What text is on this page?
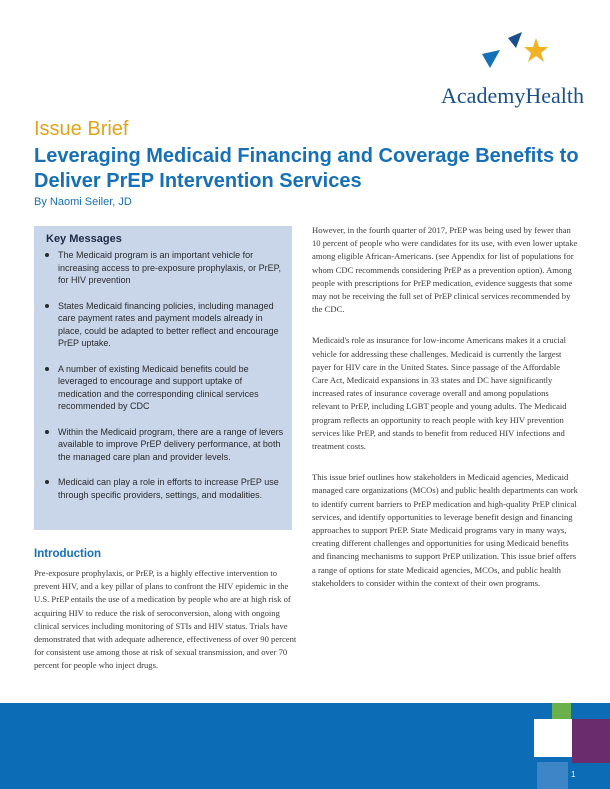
AcademyHealth
Issue Brief
Leveraging Medicaid Financing and Coverage Benefits to Deliver PrEP Intervention Services
By Naomi Seiler, JD
Key Messages
The Medicaid program is an important vehicle for increasing access to pre-exposure prophylaxis, or PrEP, for HIV prevention
States Medicaid financing policies, including managed care payment rates and payment models already in place, could be adapted to better reflect and encourage PrEP uptake.
A number of existing Medicaid benefits could be leveraged to encourage and support uptake of medication and the corresponding clinical services recommended by CDC
Within the Medicaid program, there are a range of levers available to improve PrEP delivery performance, at both the managed care plan and provider levels.
Medicaid can play a role in efforts to increase PrEP use through specific providers, settings, and modalities.
Introduction

Pre-exposure prophylaxis, or PrEP, is a highly effective intervention to prevent HIV, and a key pillar of plans to confront the HIV epidemic in the U.S. PrEP entails the use of a medication by people who are at high risk of acquiring HIV to reduce the risk of seroconversion, along with ongoing clinical services including monitoring of STIs and HIV status. Trials have demonstrated that with adequate adherence, effectiveness of over 90 percent for consistent use among those at risk of sexual transmission, and over 70 percent for people who inject drugs.

However, in the fourth quarter of 2017, PrEP was being used by fewer than 10 percent of people who were candidates for its use, with even lower uptake among eligible African-Americans. (see Appendix for list of populations for whom CDC recommends considering PrEP as a prevention option). Among people with prescriptions for PrEP medication, evidence suggests that some may not be receiving the full set of PrEP clinical services recommended by the CDC.

Medicaid's role as insurance for low-income Americans makes it a crucial vehicle for addressing these challenges. Medicaid is currently the largest payer for HIV care in the United States. Since passage of the Affordable Care Act, Medicaid expansions in 33 states and DC have significantly increased rates of insurance coverage overall and among populations relevant to PrEP, including LGBT people and young adults. The Medicaid program reflects an opportunity to reach people with key HIV prevention services like PrEP, and stands to benefit from reduced HIV infections and treatment costs.

This issue brief outlines how stakeholders in Medicaid agencies, Medicaid managed care organizations (MCOs) and public health departments can work to identify current barriers to PrEP medication and high-quality PrEP clinical services, and identify opportunities to leverage benefit design and financing approaches to support PrEP. State Medicaid programs vary in many ways, creating different challenges and opportunities for using Medicaid benefits and financing mechanisms to support PrEP utilization. This issue brief offers a range of options for state Medicaid agencies, MCOs, and public health stakeholders to consider within the context of their own programs.

1
